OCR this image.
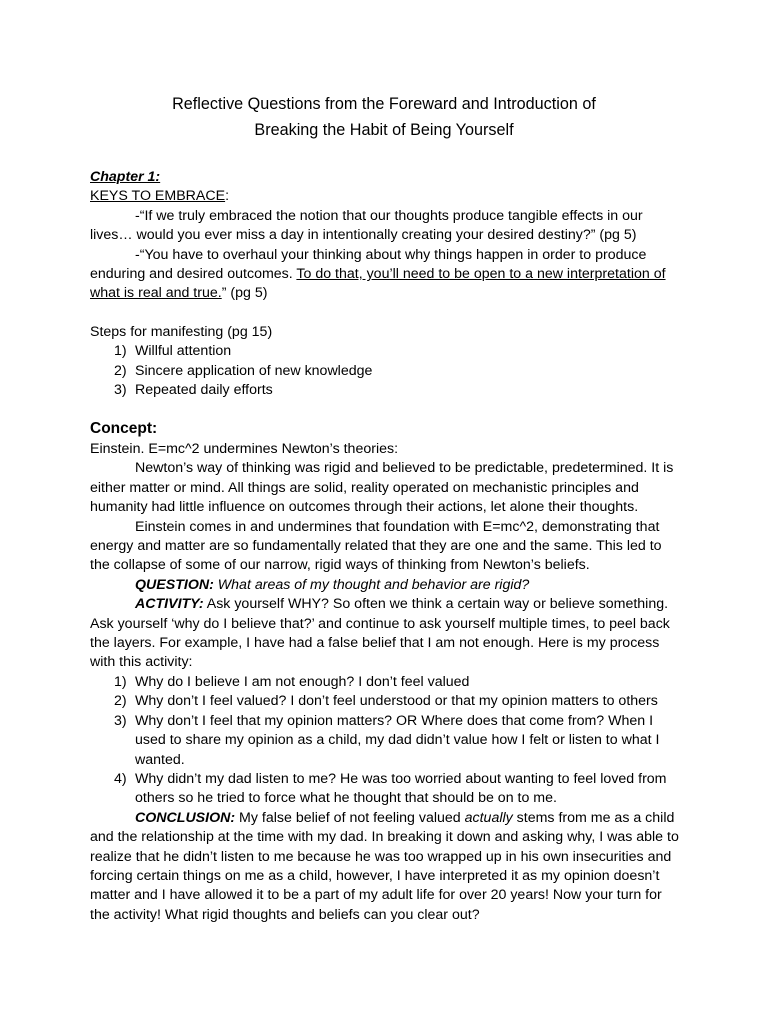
Reflective Questions from the Foreward and Introduction of
Breaking the Habit of Being Yourself

Chapter 1:

KEYS TO EMBRACE:

-“If we truly embraced the notion that our thoughts produce tangible effects in our lives… would you ever miss a day in intentionally creating your desired destiny?” (pg 5)

-“You have to overhaul your thinking about why things happen in order to produce enduring and desired outcomes. To do that, you’ll need to be open to a new interpretation of what is real and true.” (pg 5)

Steps for manifesting (pg 15)

1) Willful attention
2) Sincere application of new knowledge
3) Repeated daily efforts

Concept:

Einstein. E=mc^2 undermines Newton’s theories:

Newton’s way of thinking was rigid and believed to be predictable, predetermined. It is either matter or mind. All things are solid, reality operated on mechanistic principles and humanity had little influence on outcomes through their actions, let alone their thoughts.

Einstein comes in and undermines that foundation with E=mc^2, demonstrating that energy and matter are so fundamentally related that they are one and the same. This led to the collapse of some of our narrow, rigid ways of thinking from Newton’s beliefs.

QUESTION: What areas of my thought and behavior are rigid?

ACTIVITY: Ask yourself WHY? So often we think a certain way or believe something. Ask yourself ‘why do I believe that?’ and continue to ask yourself multiple times, to peel back the layers. For example, I have had a false belief that I am not enough. Here is my process with this activity:

1) Why do I believe I am not enough? I don’t feel valued
2) Why don’t I feel valued? I don’t feel understood or that my opinion matters to others
3) Why don’t I feel that my opinion matters? OR Where does that come from? When I used to share my opinion as a child, my dad didn’t value how I felt or listen to what I wanted.
4) Why didn’t my dad listen to me? He was too worried about wanting to feel loved from others so he tried to force what he thought that should be on to me.

CONCLUSION: My false belief of not feeling valued actually stems from me as a child and the relationship at the time with my dad. In breaking it down and asking why, I was able to realize that he didn’t listen to me because he was too wrapped up in his own insecurities and forcing certain things on me as a child, however, I have interpreted it as my opinion doesn’t matter and I have allowed it to be a part of my adult life for over 20 years! Now your turn for the activity! What rigid thoughts and beliefs can you clear out?
